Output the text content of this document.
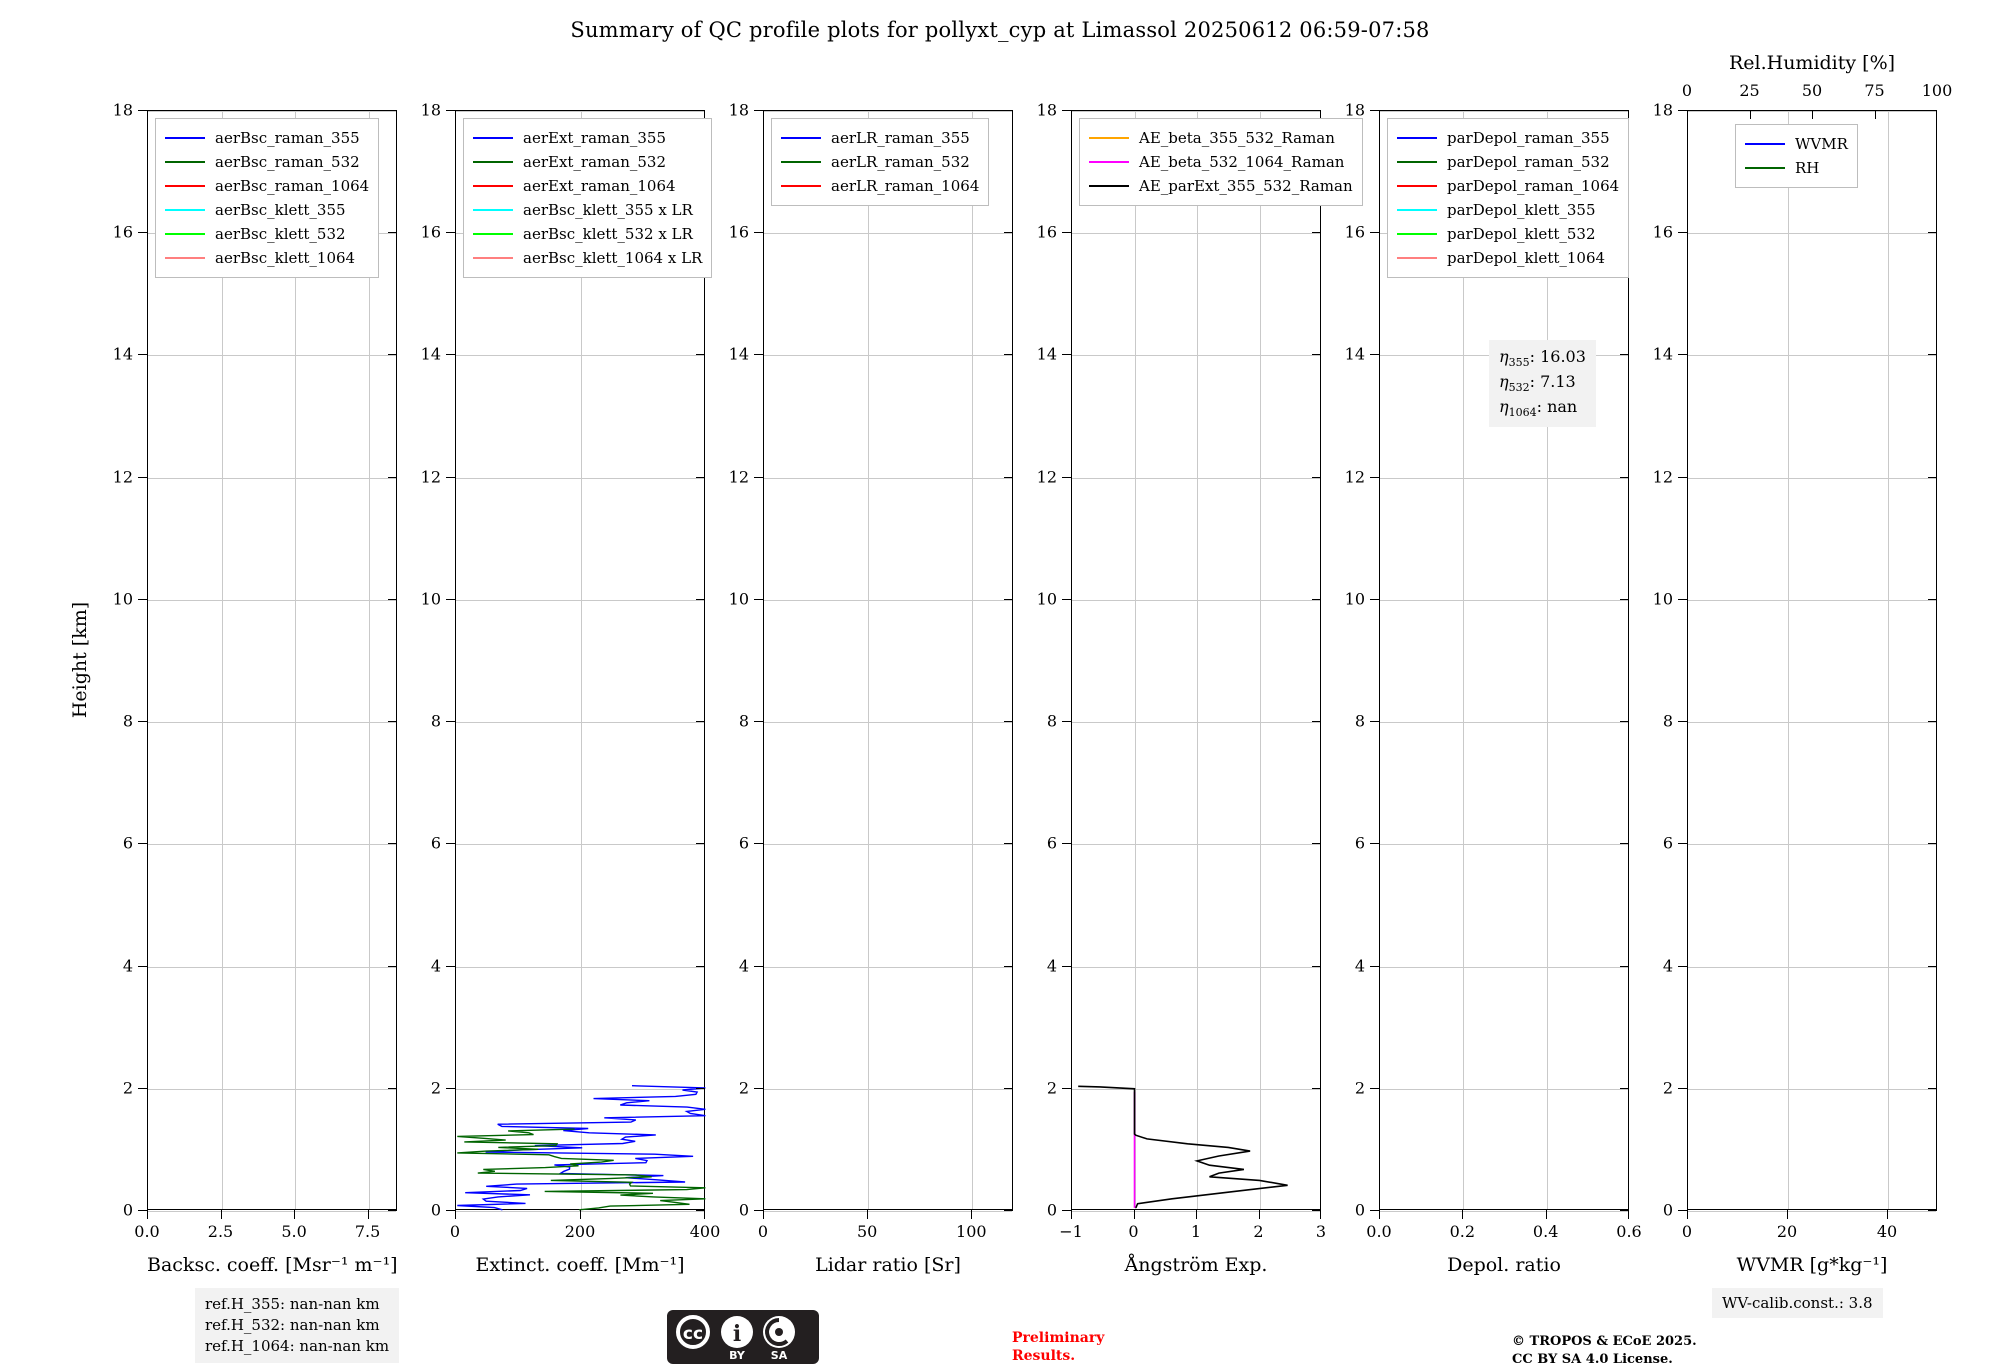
Summary of QC profile plots for pollyxt_cyp at Limassol 20250612 06:59-07:58
Height [km]
0
2
4
6
8
10
12
14
16
18
0.0	2.5	5.0	7.5
Backsc. coeff. [Msr⁻¹ m⁻¹]
aerBsc_raman_355
aerBsc_raman_532
aerBsc_raman_1064
aerBsc_klett_355
aerBsc_klett_532
aerBsc_klett_1064
0
2
4
6
8
10
12
14
16
18
0	200	400
Extinct. coeff. [Mm⁻¹]
aerExt_raman_355
aerExt_raman_532
aerExt_raman_1064
aerBsc_klett_355 x LR
aerBsc_klett_532 x LR
aerBsc_klett_1064 x LR
0
2
4
6
8
10
12
14
16
18
0	50	100
Lidar ratio [Sr]
aerLR_raman_355
aerLR_raman_532
aerLR_raman_1064
0
2
4
6
8
10
12
14
16
18
−1	0	1	2	3
Ångström Exp.
AE_beta_355_532_Raman
AE_beta_532_1064_Raman
AE_parExt_355_532_Raman
0
2
4
6
8
10
12
14
16
18
0.0	0.2	0.4	0.6
Depol. ratio
parDepol_raman_355
parDepol_raman_532
parDepol_raman_1064
parDepol_klett_355
parDepol_klett_532
parDepol_klett_1064
0
2
4
6
8
10
12
14
16
18
0	20	40
0	25	50	75 100
Rel.Humidity [%]
WVMR [g*kg⁻¹]
WVMR
RH
$\eta_{355}$: 16.03
$\eta_{532}$: 7.13
$\eta_{1064}$: nan
ref.H_355: nan-nan km
ref.H_532: nan-nan km
ref.H_1064: nan-nan km
WV-calib.const.: 3.8
Preliminary
Results.
© TROPOS & ECoE 2025.
CC BY SA 4.0 License.
cc i
BY SA
